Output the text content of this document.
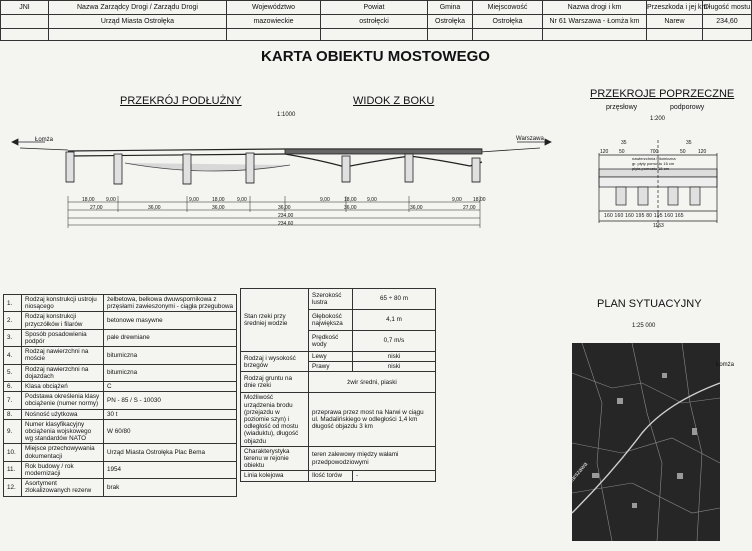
JNI	Nazwa Zarządcy Drogi / Zarządu Drogi	Województwo	Powiat	Gmina	Miejscowość	Nazwa drogi i km	Przeszkoda i jej km	Długość mostu
	Urząd Miasta Ostrołęka	mazowieckie	ostrołęcki	Ostrołęka	Ostrołęka	Nr 61 Warszawa - Łomża km	Narew	234,60

KARTA OBIEKTU MOSTOWEGO
PRZEKRÓJ PODŁUŻNY	WIDOK Z BOKU
PRZEKROJE POPRZECZNE
przęsłowy	podporowy
1:200
1:1000
Łomża	Warszawa
18,00 9,00	9,00	18,00 9,00	9,00	18,00 9,00	9,00 18,00
27,00	36,00	36,00	36,00	36,00	36,00	27,00
234,00
234,60
35	35
120 50	700	50 120
nawierzchnia bitumiczna
gr. płyty pomostu 16 cm
płyta pomostu 18 cm
160 160 160 195 80 195 160 165
1153
1.	Rodzaj konstrukcji ustroju niosącego	żelbetowa, belkowa dwuwspornikowa z przęsłami zawieszonymi - ciągła przegubowa
2.	Rodzaj konstrukcji przyczółków i filarów	betonowe masywne
3.	Sposób posadowienia podpór	pale drewniane
4.	Rodzaj nawierzchni na moście	bitumiczna
5.	Rodzaj nawierzchni na dojazdach	bitumiczna
6.	Klasa obciążeń	C
7.	Podstawa określenia klasy obciążenie (numer normy)	PN - 85 / S - 10030
8.	Nośność użytkowa	30 t
9.	Numer klasyfikacyjny obciążenia wojskowego wg standardów NATO	W 60/80
10.	Miejsce przechowywania dokumentacji	Urząd Miasta Ostrołęka Plac Bema
11.	Rok budowy / rok modernizacji	1954
12.	Asortyment zlokalizowanych rezerw	brak
Stan rzeki przy średniej wodzie	Szerokość lustra	65 ÷ 80 m
	Głębokość największa	4,1 m
	Prędkość wody	0,7 m/s
Rodzaj i wysokość brzegów	Lewy	niski
	Prawy	niski
Rodzaj gruntu na dnie rzeki	żwir średni, piaski	
Możliwość urządzenia brodu (przejazdu w poziomie szyn) i odległość od mostu (wiaduktu), długość objazdu	przeprawa przez most na Narwi w ciągu ul. Madalińskiego w odległości 1,4 km długość objazdu 3 km	
Charakterystyka terenu w rejonie obiektu	teren zalewowy między wałami przedpowodziowymi	
Linia kolejowa	Ilość torów	-
PLAN SYTUACYJNY
1:25 000
Warszawa
Łomża
